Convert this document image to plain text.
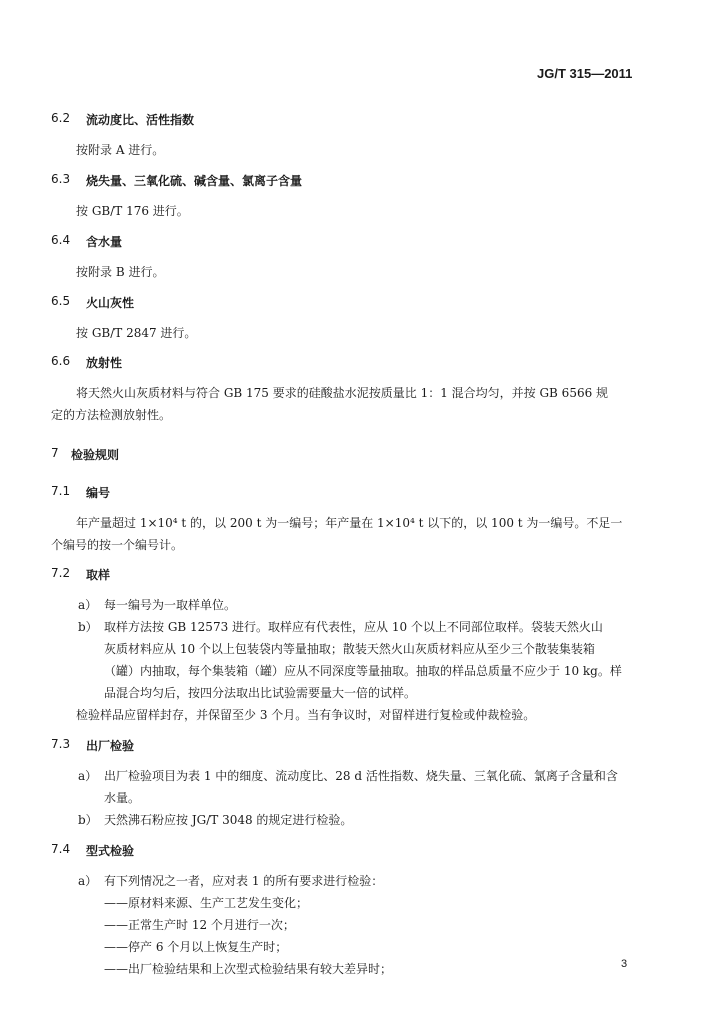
JG/T 315—2011
6.2 流动度比、活性指数
按附录 A 进行。
6.3 烧失量、三氧化硫、碱含量、氯离子含量
按 GB/T 176 进行。
6.4 含水量
按附录 B 进行。
6.5 火山灰性
按 GB/T 2847 进行。
6.6 放射性
将天然火山灰质材料与符合 GB 175 要求的硅酸盐水泥按质量比 1：1 混合均匀，并按 GB 6566 规
定的方法检测放射性。
7 检验规则
7.1 编号
年产量超过 1×10⁴ t 的，以 200 t 为一编号；年产量在 1×10⁴ t 以下的，以 100 t 为一编号。不足一
个编号的按一个编号计。
7.2 取样
a） 每一编号为一取样单位。
b） 取样方法按 GB 12573 进行。取样应有代表性，应从 10 个以上不同部位取样。袋装天然火山
灰质材料应从 10 个以上包装袋内等量抽取；散装天然火山灰质材料应从至少三个散装集装箱
（罐）内抽取，每个集装箱（罐）应从不同深度等量抽取。抽取的样品总质量不应少于 10 kg。样
品混合均匀后，按四分法取出比试验需要量大一倍的试样。
检验样品应留样封存，并保留至少 3 个月。当有争议时，对留样进行复检或仲裁检验。
7.3 出厂检验
a） 出厂检验项目为表 1 中的细度、流动度比、28 d 活性指数、烧失量、三氧化硫、氯离子含量和含
水量。
b） 天然沸石粉应按 JG/T 3048 的规定进行检验。
7.4 型式检验
a） 有下列情况之一者，应对表 1 的所有要求进行检验：
——原材料来源、生产工艺发生变化；
——正常生产时 12 个月进行一次；
——停产 6 个月以上恢复生产时；
——出厂检验结果和上次型式检验结果有较大差异时；	3
